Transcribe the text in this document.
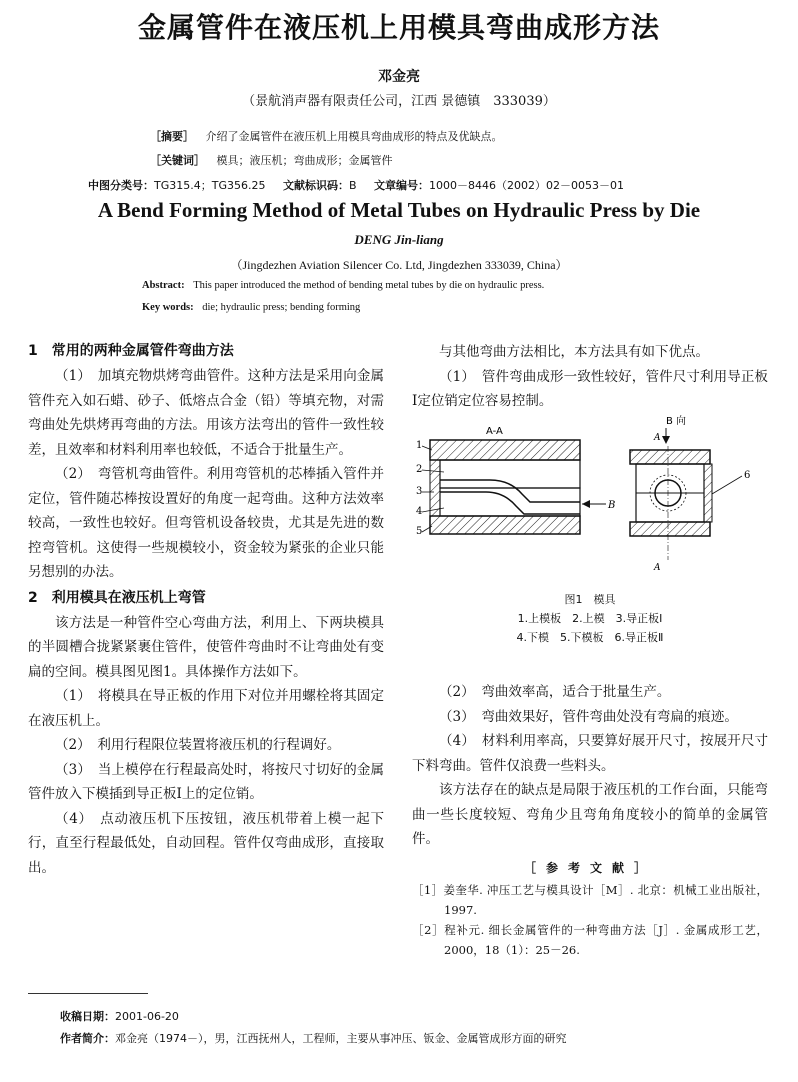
金属管件在液压机上用模具弯曲成形方法
邓金亮
（景航消声器有限责任公司，江西 景德镇　333039）
［摘要］ 介绍了金属管件在液压机上用模具弯曲成形的特点及优缺点。
［关键词］ 模具；液压机；弯曲成形；金属管件
中图分类号：TG315.4；TG356.25 文献标识码：B 文章编号：1000－8446（2002）02－0053－01
A Bend Forming Method of Metal Tubes on Hydraulic Press by Die
DENG Jin-liang
（Jingdezhen Aviation Silencer Co. Ltd, Jingdezhen 333039, China）
Abstract: This paper introduced the method of bending metal tubes by die on hydraulic press.
Key words: die; hydraulic press; bending forming
1　常用的两种金属管件弯曲方法

（1）　加填充物烘烤弯曲管件。这种方法是采用向金属管件充入如石蜡、砂子、低熔点合金（铅）等填充物，对需弯曲处先烘烤再弯曲的方法。用该方法弯出的管件一致性较差，且效率和材料利用率也较低，不适合于批量生产。

（2）　弯管机弯曲管件。利用弯管机的芯棒插入管件并定位，管件随芯棒按设置好的角度一起弯曲。这种方法效率较高，一致性也较好。但弯管机设备较贵，尤其是先进的数控弯管机。这使得一些规模较小，资金较为紧张的企业只能另想别的办法。

2　利用模具在液压机上弯管

该方法是一种管件空心弯曲方法，利用上、下两块模具的半圆槽合拢紧紧裹住管件，使管件弯曲时不让弯曲处有变扁的空间。模具图见图1。具体操作方法如下。

（1）　将模具在导正板的作用下对位并用螺栓将其固定在液压机上。

（2）　利用行程限位装置将液压机的行程调好。

（3）　当上模停在行程最高处时，将按尺寸切好的金属管件放入下模插到导正板Ⅰ上的定位销。

（4）　点动液压机下压按钮，液压机带着上模一起下行，直至行程最低处，自动回程。管件仅弯曲成形，直接取出。

与其他弯曲方法相比，本方法具有如下优点。

（1）　管件弯曲成形一致性较好，管件尺寸利用导正板Ⅰ定位销定位容易控制。

A-A
B
1
2
3
4
5
B 向
A
A
6
图1　模具
1.上模板　2.上模　3.导正板Ⅰ
4.下模　5.下模板　6.导正板Ⅱ

（2）　弯曲效率高，适合于批量生产。

（3）　弯曲效果好，管件弯曲处没有弯扁的痕迹。

（4）　材料利用率高，只要算好展开尺寸，按展开尺寸下料弯曲。管件仅浪费一些料头。

该方法存在的缺点是局限于液压机的工作台面，只能弯曲一些长度较短、弯角少且弯角角度较小的简单的金属管件。

［参考文献］
［1］姜奎华. 冲压工艺与模具设计［M］. 北京：机械工业出版社，1997.
［2］程补元. 细长金属管件的一种弯曲方法［J］. 金属成形工艺，2000，18（1）：25－26.
收稿日期：2001-06-20
作者简介：邓金亮（1974－），男，江西抚州人，工程师，主要从事冲压、钣金、金属管成形方面的研究
